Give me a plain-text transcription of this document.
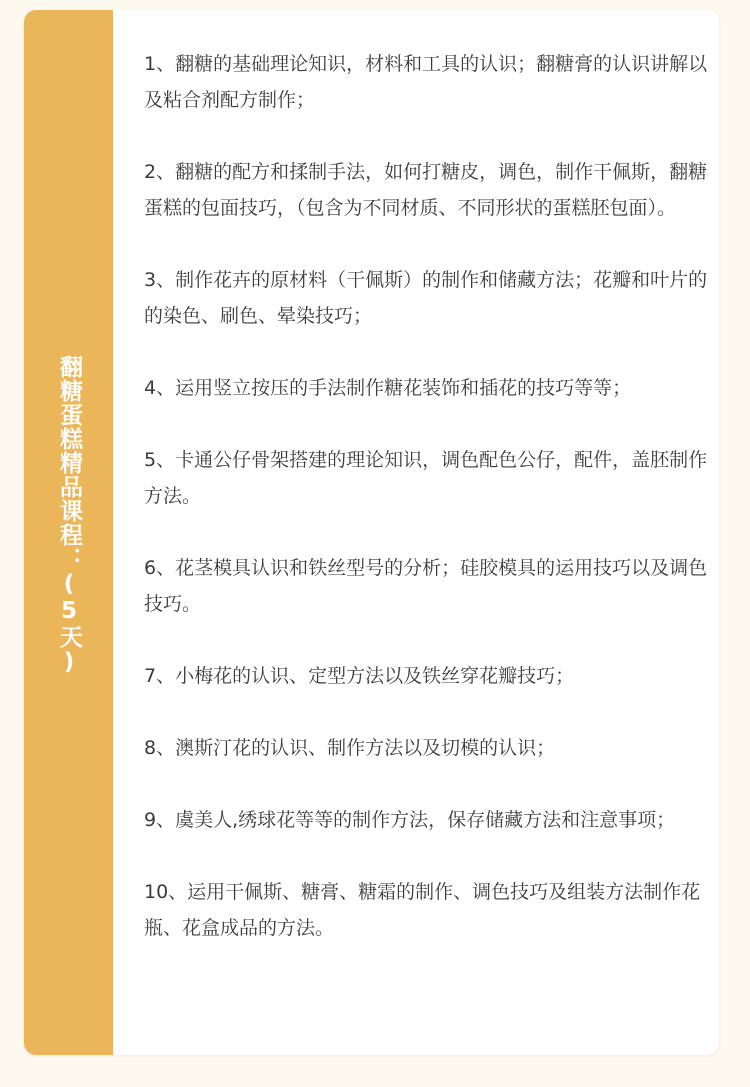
翻糖蛋糕精品课程：(5天)
1、翻糖的基础理论知识，材料和工具的认识；翻糖膏的认识讲解以及粘合剂配方制作；
2、翻糖的配方和揉制手法，如何打糖皮，调色，制作干佩斯，翻糖蛋糕的包面技巧，（包含为不同材质、不同形状的蛋糕胚包面）。
3、制作花卉的原材料（干佩斯）的制作和储藏方法；花瓣和叶片的的染色、刷色、晕染技巧；
4、运用竖立按压的手法制作糖花装饰和插花的技巧等等；
5、卡通公仔骨架搭建的理论知识，调色配色公仔，配件，盖胚制作方法。
6、花茎模具认识和铁丝型号的分析；硅胶模具的运用技巧以及调色技巧。
7、小梅花的认识、定型方法以及铁丝穿花瓣技巧；
8、澳斯汀花的认识、制作方法以及切模的认识；
9、虞美人,绣球花等等的制作方法，保存储藏方法和注意事项；
10、运用干佩斯、糖膏、糖霜的制作、调色技巧及组装方法制作花瓶、花盒成品的方法。
